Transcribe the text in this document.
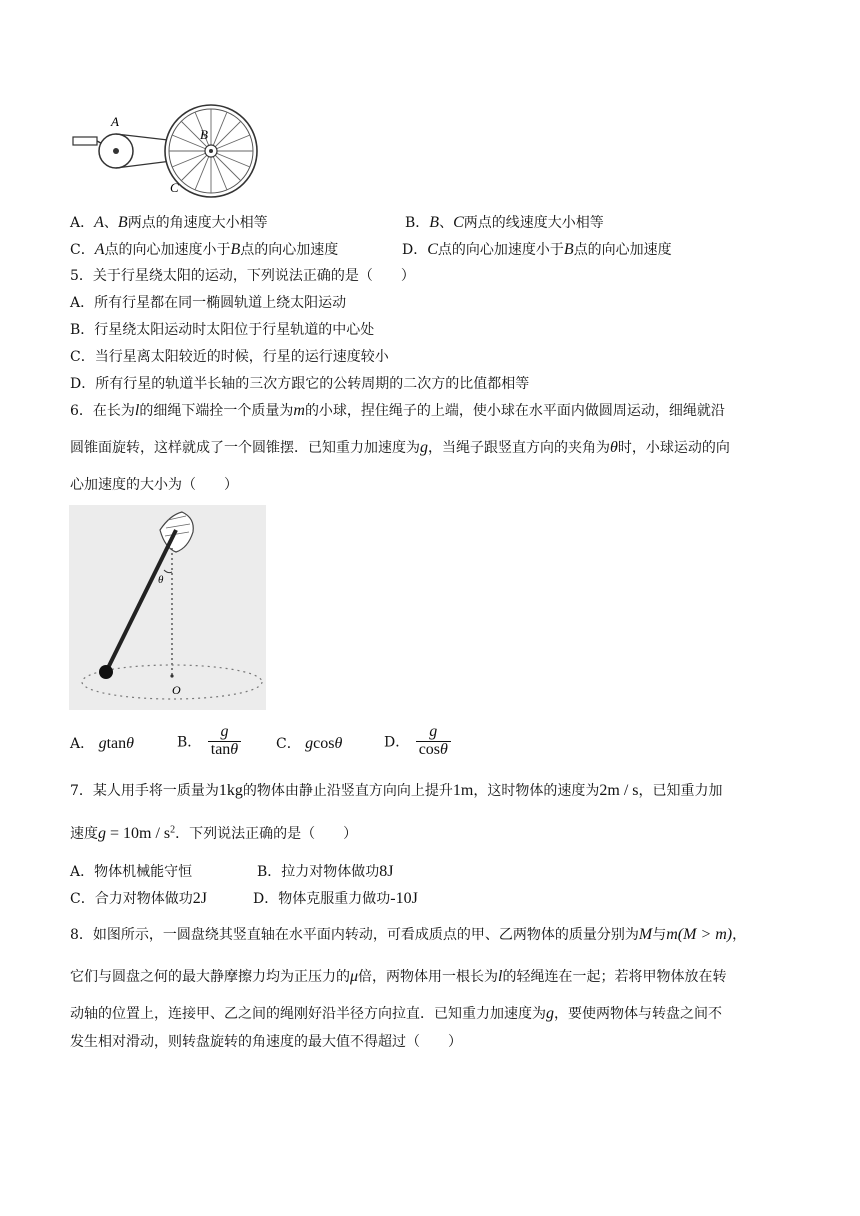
A
B
C
A．A、B两点的角速度大小相等	B．B、C两点的线速度大小相等
C．A点的向心加速度小于B点的向心加速度	D．C点的向心加速度小于B点的向心加速度
5．关于行星绕太阳的运动，下列说法正确的是（　　）
A．所有行星都在同一椭圆轨道上绕太阳运动
B．行星绕太阳运动时太阳位于行星轨道的中心处
C．当行星离太阳较近的时候，行星的运行速度较小
D．所有行星的轨道半长轴的三次方跟它的公转周期的二次方的比值都相等
6．在长为l的细绳下端拴一个质量为m的小球，捏住绳子的上端，使小球在水平面内做圆周运动，细绳就沿
圆锥面旋转，这样就成了一个圆锥摆．已知重力加速度为g，当绳子跟竖直方向的夹角为θ时，小球运动的向
心加速度的大小为（　　）
θ
O
A． gtanθ	B． $\frac{g}{\tan\theta}$ C． gcosθ	D． $\frac{g}{\cos\theta}$
7．某人用手将一质量为1kg的物体由静止沿竖直方向向上提升1m，这时物体的速度为2m / s，已知重力加
速度$g = 10m / s^2$．下列说法正确的是（　　）
A．物体机械能守恒	B．拉力对物体做功8J
C．合力对物体做功2J	D．物体克服重力做功-10J
8．如图所示，一圆盘绕其竖直轴在水平面内转动，可看成质点的甲、乙两物体的质量分别为M与m(M > m)，
它们与圆盘之何的最大静摩擦力均为正压力的μ倍，两物体用一根长为l的轻绳连在一起；若将甲物体放在转
动轴的位置上，连接甲、乙之间的绳刚好沿半径方向拉直．已知重力加速度为g，要使两物体与转盘之间不
发生相对滑动，则转盘旋转的角速度的最大值不得超过（　　）
